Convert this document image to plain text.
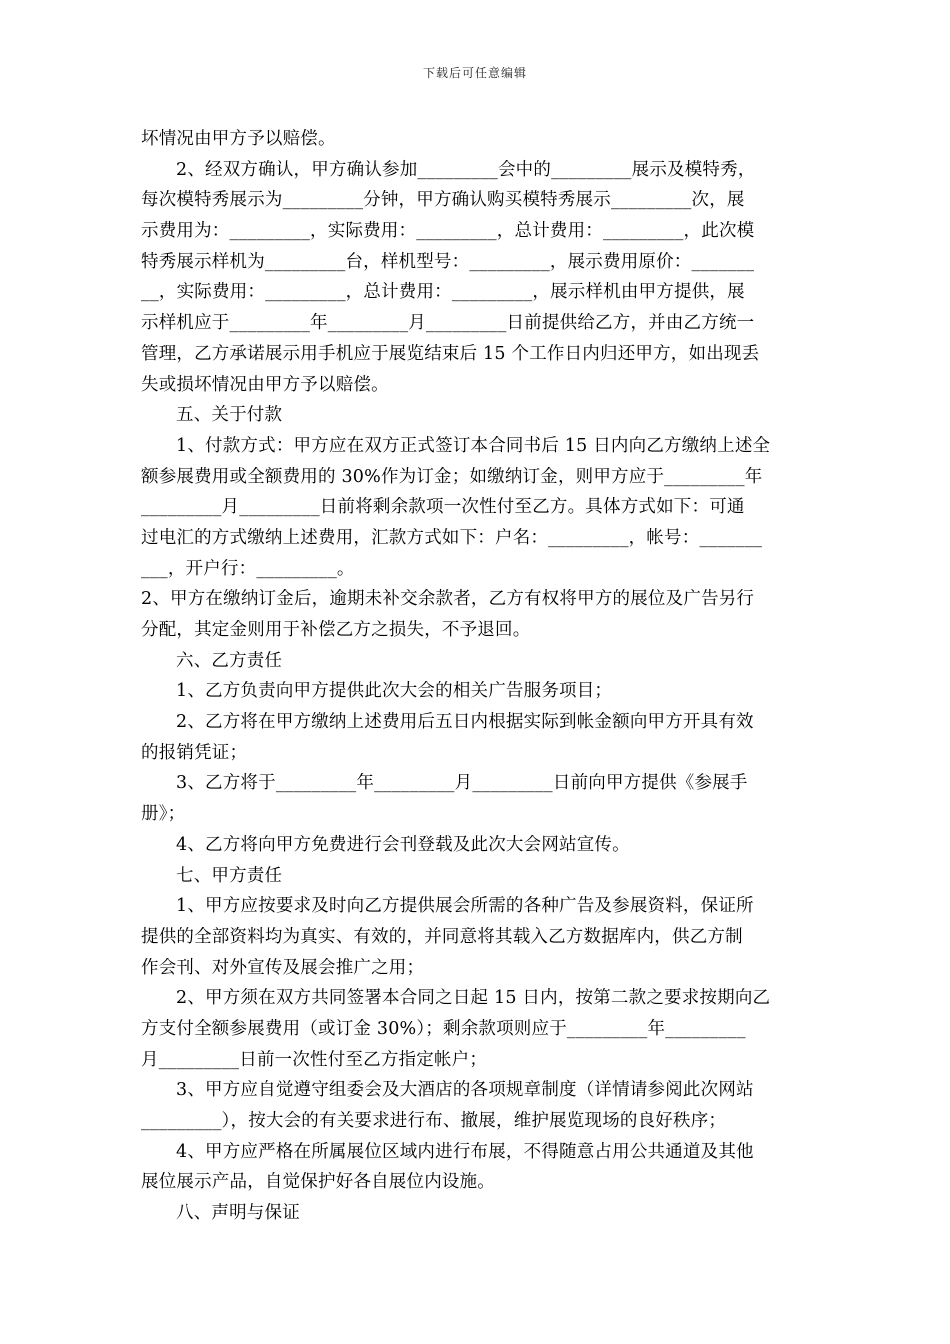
下载后可任意编辑
坏情况由甲方予以赔偿。
2、经双方确认，甲方确认参加_________会中的_________展示及模特秀，
每次模特秀展示为_________分钟，甲方确认购买模特秀展示_________次，展
示费用为：_________，实际费用：_________，总计费用：_________，此次模
特秀展示样机为_________台，样机型号：_________，展示费用原价：_______
__，实际费用：_________，总计费用：_________，展示样机由甲方提供，展
示样机应于_________年_________月_________日前提供给乙方，并由乙方统一
管理，乙方承诺展示用手机应于展览结束后 15 个工作日内归还甲方，如出现丢
失或损坏情况由甲方予以赔偿。
五、关于付款
1、付款方式：甲方应在双方正式签订本合同书后 15 日内向乙方缴纳上述全
额参展费用或全额费用的 30%作为订金；如缴纳订金，则甲方应于_________年
_________月_________日前将剩余款项一次性付至乙方。具体方式如下：可通
过电汇的方式缴纳上述费用，汇款方式如下：户名：_________，帐号：_______
___，开户行：_________。
2、甲方在缴纳订金后，逾期未补交余款者，乙方有权将甲方的展位及广告另行
分配，其定金则用于补偿乙方之损失，不予退回。
六、乙方责任
1、乙方负责向甲方提供此次大会的相关广告服务项目；
2、乙方将在甲方缴纳上述费用后五日内根据实际到帐金额向甲方开具有效
的报销凭证；
3、乙方将于_________年_________月_________日前向甲方提供《参展手
册》；
4、乙方将向甲方免费进行会刊登载及此次大会网站宣传。
七、甲方责任
1、甲方应按要求及时向乙方提供展会所需的各种广告及参展资料，保证所
提供的全部资料均为真实、有效的，并同意将其载入乙方数据库内，供乙方制
作会刊、对外宣传及展会推广之用；
2、甲方须在双方共同签署本合同之日起 15 日内，按第二款之要求按期向乙
方支付全额参展费用（或订金 30%）；剩余款项则应于_________年_________
月_________日前一次性付至乙方指定帐户；
3、甲方应自觉遵守组委会及大酒店的各项规章制度（详情请参阅此次网站
_________），按大会的有关要求进行布、撤展，维护展览现场的良好秩序；
4、甲方应严格在所属展位区域内进行布展，不得随意占用公共通道及其他
展位展示产品，自觉保护好各自展位内设施。
八、声明与保证
